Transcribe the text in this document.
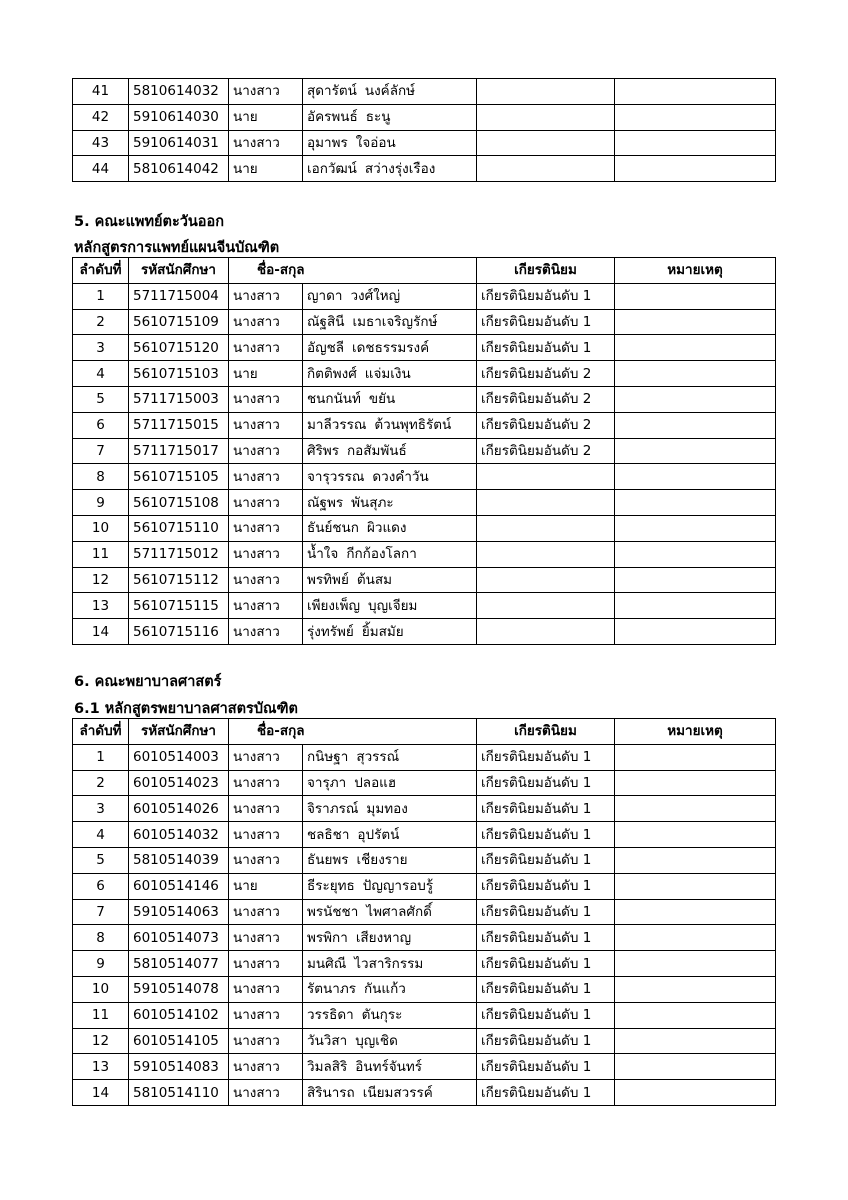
41	5810614032	นางสาว	สุดารัตน์ นงค์ลักษ์		
42	5910614030	นาย	อัครพนธ์ ธะนู		
43	5910614031	นางสาว	อุมาพร ใจอ่อน		
44	5810614042	นาย	เอกวัฒน์ สว่างรุ่งเรือง		
5. คณะแพทย์ตะวันออก
หลักสูตรการแพทย์แผนจีนบัณฑิต
ลำดับที่	รหัสนักศึกษา	ชื่อ-สกุล		เกียรตินิยม	หมายเหตุ
1	5711715004	นางสาว	ญาดา วงศ์ใหญ่	เกียรตินิยมอันดับ 1	
2	5610715109	นางสาว	ณัฐสินี เมธาเจริญรักษ์	เกียรตินิยมอันดับ 1	
3	5610715120	นางสาว	อัญชลี เดชธรรมรงค์	เกียรตินิยมอันดับ 1	
4	5610715103	นาย	กิตติพงศ์ แจ่มเงิน	เกียรตินิยมอันดับ 2	
5	5711715003	นางสาว	ชนกนันท์ ขยัน	เกียรตินิยมอันดับ 2	
6	5711715015	นางสาว	มาลีวรรณ ต้วนพุทธิรัตน์	เกียรตินิยมอันดับ 2	
7	5711715017	นางสาว	ศิริพร กอสัมพันธ์	เกียรตินิยมอันดับ 2	
8	5610715105	นางสาว	จารุวรรณ ดวงคำวัน		
9	5610715108	นางสาว	ณัฐพร พันสุภะ		
10	5610715110	นางสาว	ธันย์ชนก ผิวแดง		
11	5711715012	นางสาว	น้ำใจ กีกก้องโลกา		
12	5610715112	นางสาว	พรทิพย์ ต้นสม		
13	5610715115	นางสาว	เพียงเพ็ญ บุญเจียม		
14	5610715116	นางสาว	รุ่งทรัพย์ ยิ้มสมัย		
6. คณะพยาบาลศาสตร์
6.1 หลักสูตรพยาบาลศาสตรบัณฑิต
ลำดับที่	รหัสนักศึกษา	ชื่อ-สกุล		เกียรตินิยม	หมายเหตุ
1	6010514003	นางสาว	กนิษฐา สุวรรณ์	เกียรตินิยมอันดับ 1	
2	6010514023	นางสาว	จารุภา ปลอแฮ	เกียรตินิยมอันดับ 1	
3	6010514026	นางสาว	จิราภรณ์ มุมทอง	เกียรตินิยมอันดับ 1	
4	6010514032	นางสาว	ชลธิชา อุปรัตน์	เกียรตินิยมอันดับ 1	
5	5810514039	นางสาว	ธันยพร เชียงราย	เกียรตินิยมอันดับ 1	
6	6010514146	นาย	ธีระยุทธ ปัญญารอบรู้	เกียรตินิยมอันดับ 1	
7	5910514063	นางสาว	พรนัชชา ไพศาลศักดิ์	เกียรตินิยมอันดับ 1	
8	6010514073	นางสาว	พรพิกา เสียงหาญ	เกียรตินิยมอันดับ 1	
9	5810514077	นางสาว	มนศิณี ไวสาริกรรม	เกียรตินิยมอันดับ 1	
10	5910514078	นางสาว	รัตนาภร กันแก้ว	เกียรตินิยมอันดับ 1	
11	6010514102	นางสาว	วรรธิดา ตันกุระ	เกียรตินิยมอันดับ 1	
12	6010514105	นางสาว	วันวิสา บุญเชิด	เกียรตินิยมอันดับ 1	
13	5910514083	นางสาว	วิมลสิริ อินทร์จันทร์	เกียรตินิยมอันดับ 1	
14	5810514110	นางสาว	สิรินารถ เนียมสวรรค์	เกียรตินิยมอันดับ 1	
